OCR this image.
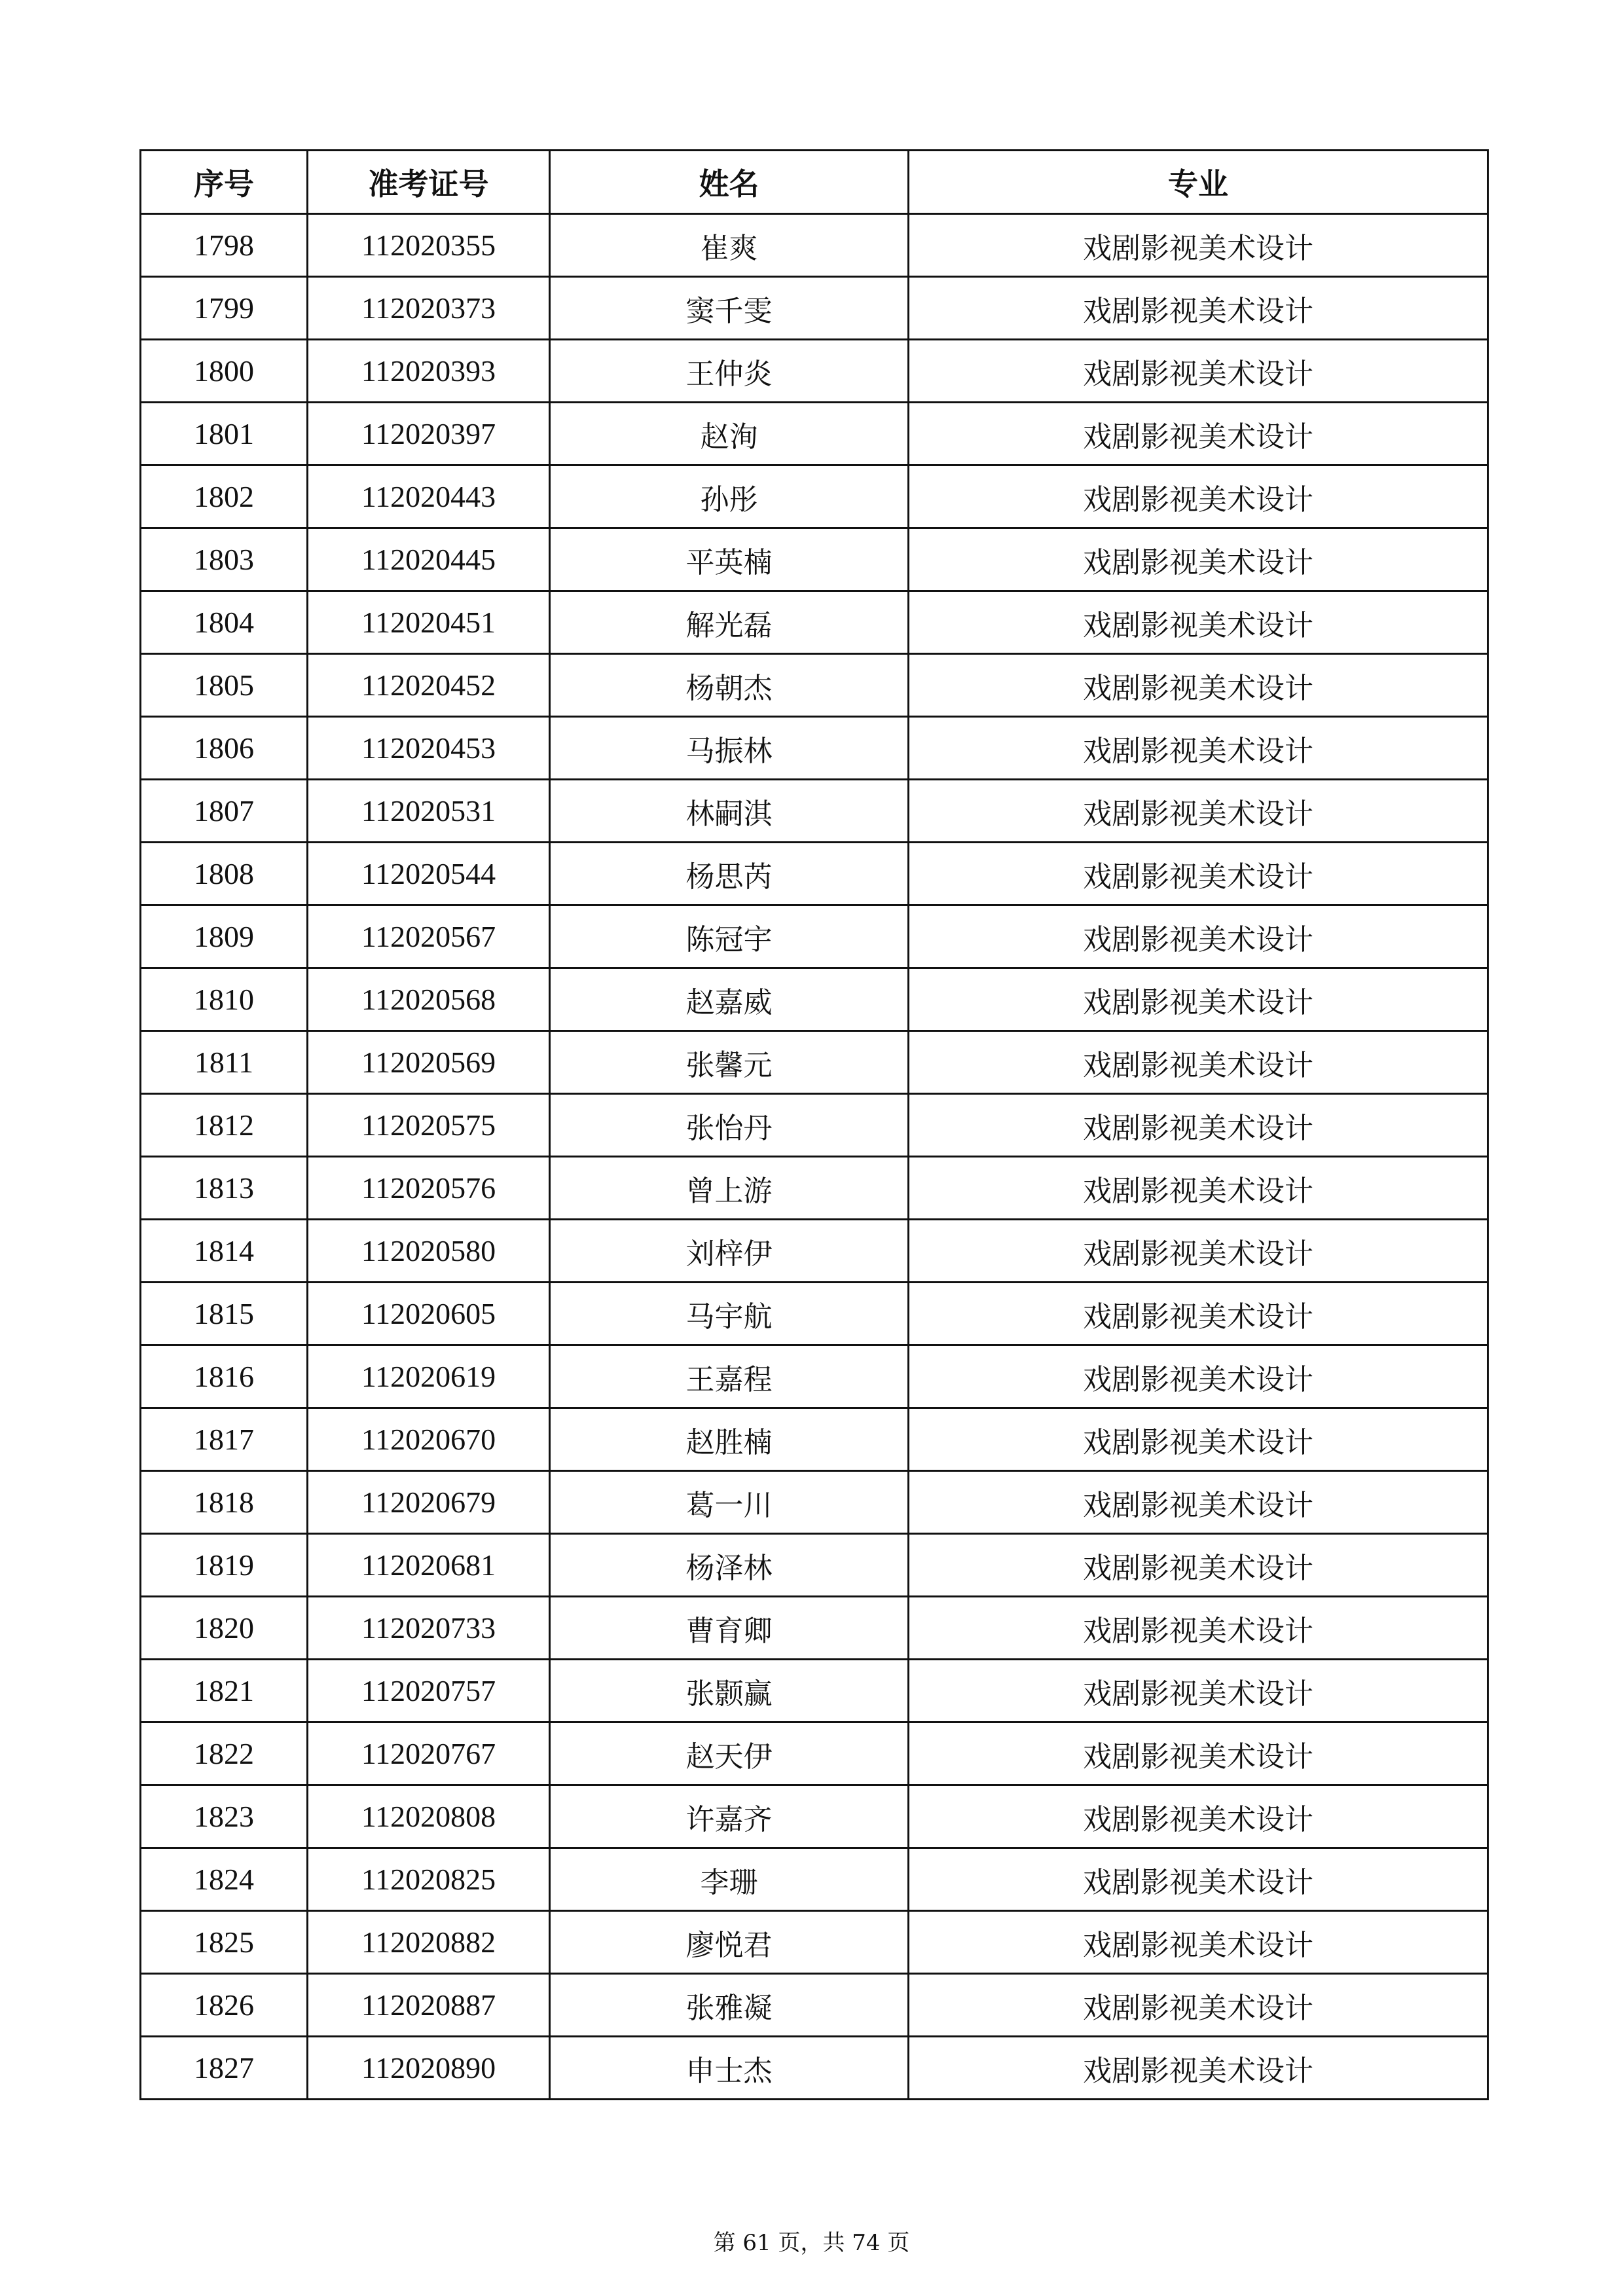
序号	准考证号	姓名	专业
1798	112020355	崔爽	戏剧影视美术设计
1799	112020373	窦千雯	戏剧影视美术设计
1800	112020393	王仲炎	戏剧影视美术设计
1801	112020397	赵洵	戏剧影视美术设计
1802	112020443	孙彤	戏剧影视美术设计
1803	112020445	平英楠	戏剧影视美术设计
1804	112020451	解光磊	戏剧影视美术设计
1805	112020452	杨朝杰	戏剧影视美术设计
1806	112020453	马振林	戏剧影视美术设计
1807	112020531	林嗣淇	戏剧影视美术设计
1808	112020544	杨思芮	戏剧影视美术设计
1809	112020567	陈冠宇	戏剧影视美术设计
1810	112020568	赵嘉威	戏剧影视美术设计
1811	112020569	张馨元	戏剧影视美术设计
1812	112020575	张怡丹	戏剧影视美术设计
1813	112020576	曾上游	戏剧影视美术设计
1814	112020580	刘梓伊	戏剧影视美术设计
1815	112020605	马宇航	戏剧影视美术设计
1816	112020619	王嘉程	戏剧影视美术设计
1817	112020670	赵胜楠	戏剧影视美术设计
1818	112020679	葛一川	戏剧影视美术设计
1819	112020681	杨泽林	戏剧影视美术设计
1820	112020733	曹育卿	戏剧影视美术设计
1821	112020757	张颢赢	戏剧影视美术设计
1822	112020767	赵天伊	戏剧影视美术设计
1823	112020808	许嘉齐	戏剧影视美术设计
1824	112020825	李珊	戏剧影视美术设计
1825	112020882	廖悦君	戏剧影视美术设计
1826	112020887	张雅凝	戏剧影视美术设计
1827	112020890	申士杰	戏剧影视美术设计
第 61 页，共 74 页
